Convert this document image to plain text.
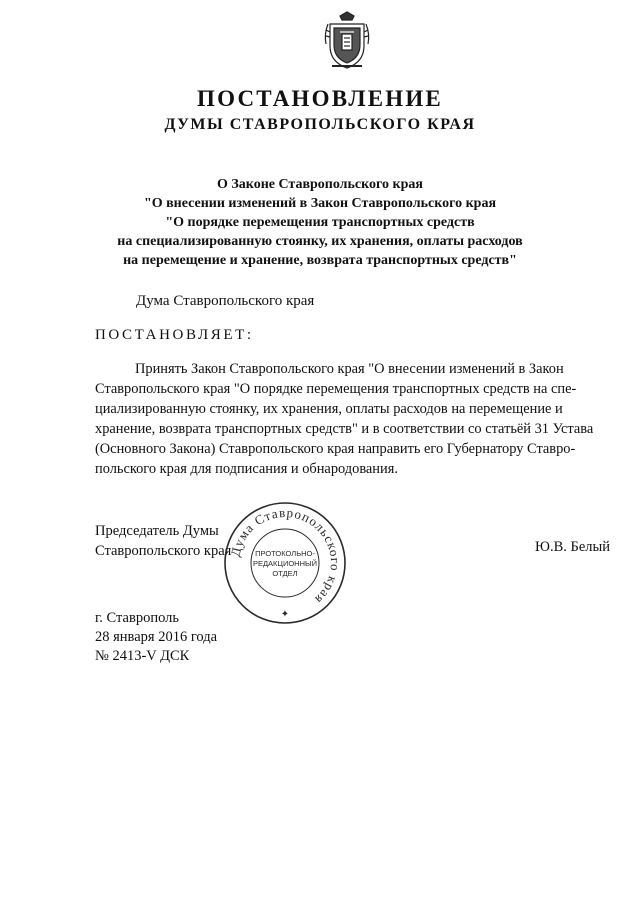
ПОСТАНОВЛЕНИЕ
ДУМЫ СТАВРОПОЛЬСКОГО КРАЯ
О Законе Ставропольского края
"О внесении изменений в Закон Ставропольского края
"О порядке перемещения транспортных средств
на специализированную стоянку, их хранения, оплаты расходов
на перемещение и хранение, возврата транспортных средств"
Дума Ставропольского края
ПОСТАНОВЛЯЕТ:
Принять Закон Ставропольского края "О внесении изменений в Закон
Ставропольского края "О порядке перемещения транспортных средств на спе-
циализированную стоянку, их хранения, оплаты расходов на перемещение и
хранение, возврата транспортных средств" и в соответствии со статьёй 31 Устава
(Основного Закона) Ставропольского края направить его Губернатору Ставро-
польского края для подписания и обнародования.
Председатель Думы
Ставропольского края
Дума Ставропольского края
ПРОТОКОЛЬНО-
РЕДАКЦИОННЫЙ
ОТДЕЛ
✦
Ю.В. Белый
г. Ставрополь
28 января 2016 года
№ 2413-V ДСК
